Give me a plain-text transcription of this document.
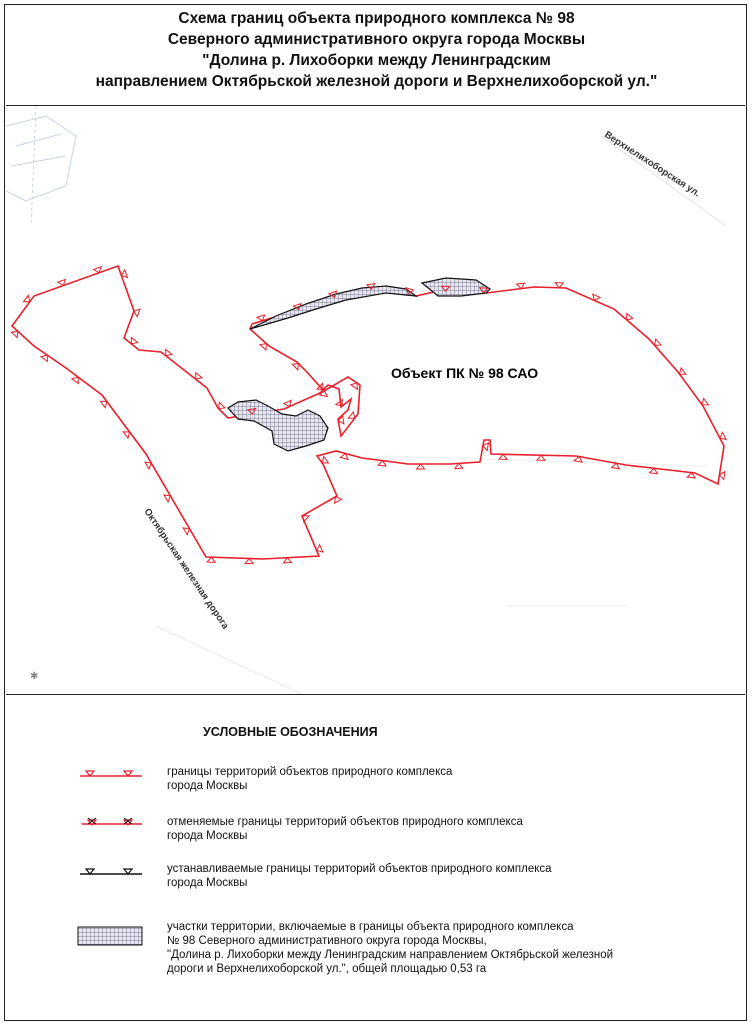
Схема границ объекта природного комплекса № 98
Северного административного округа города Москвы
"Долина р. Лихоборки между Ленинградским
направлением Октябрьской железной дороги и Верхнелихоборской ул."
Объект ПК № 98 САО
Верхнелихоборская ул.
Октябрьская железная дорога
✱
УСЛОВНЫЕ ОБОЗНАЧЕНИЯ
границы территорий объектов природного комплекса
города Москвы
отменяемые границы территорий объектов природного комплекса
города Москвы
устанавливаемые границы территорий объектов природного комплекса
города Москвы
участки территории, включаемые в границы объекта природного комплекса
№ 98 Северного административного округа города Москвы,
"Долина р. Лихоборки между Ленинградским направлением Октябрьской железной
дороги и Верхнелихоборской ул.", общей площадью 0,53 га
